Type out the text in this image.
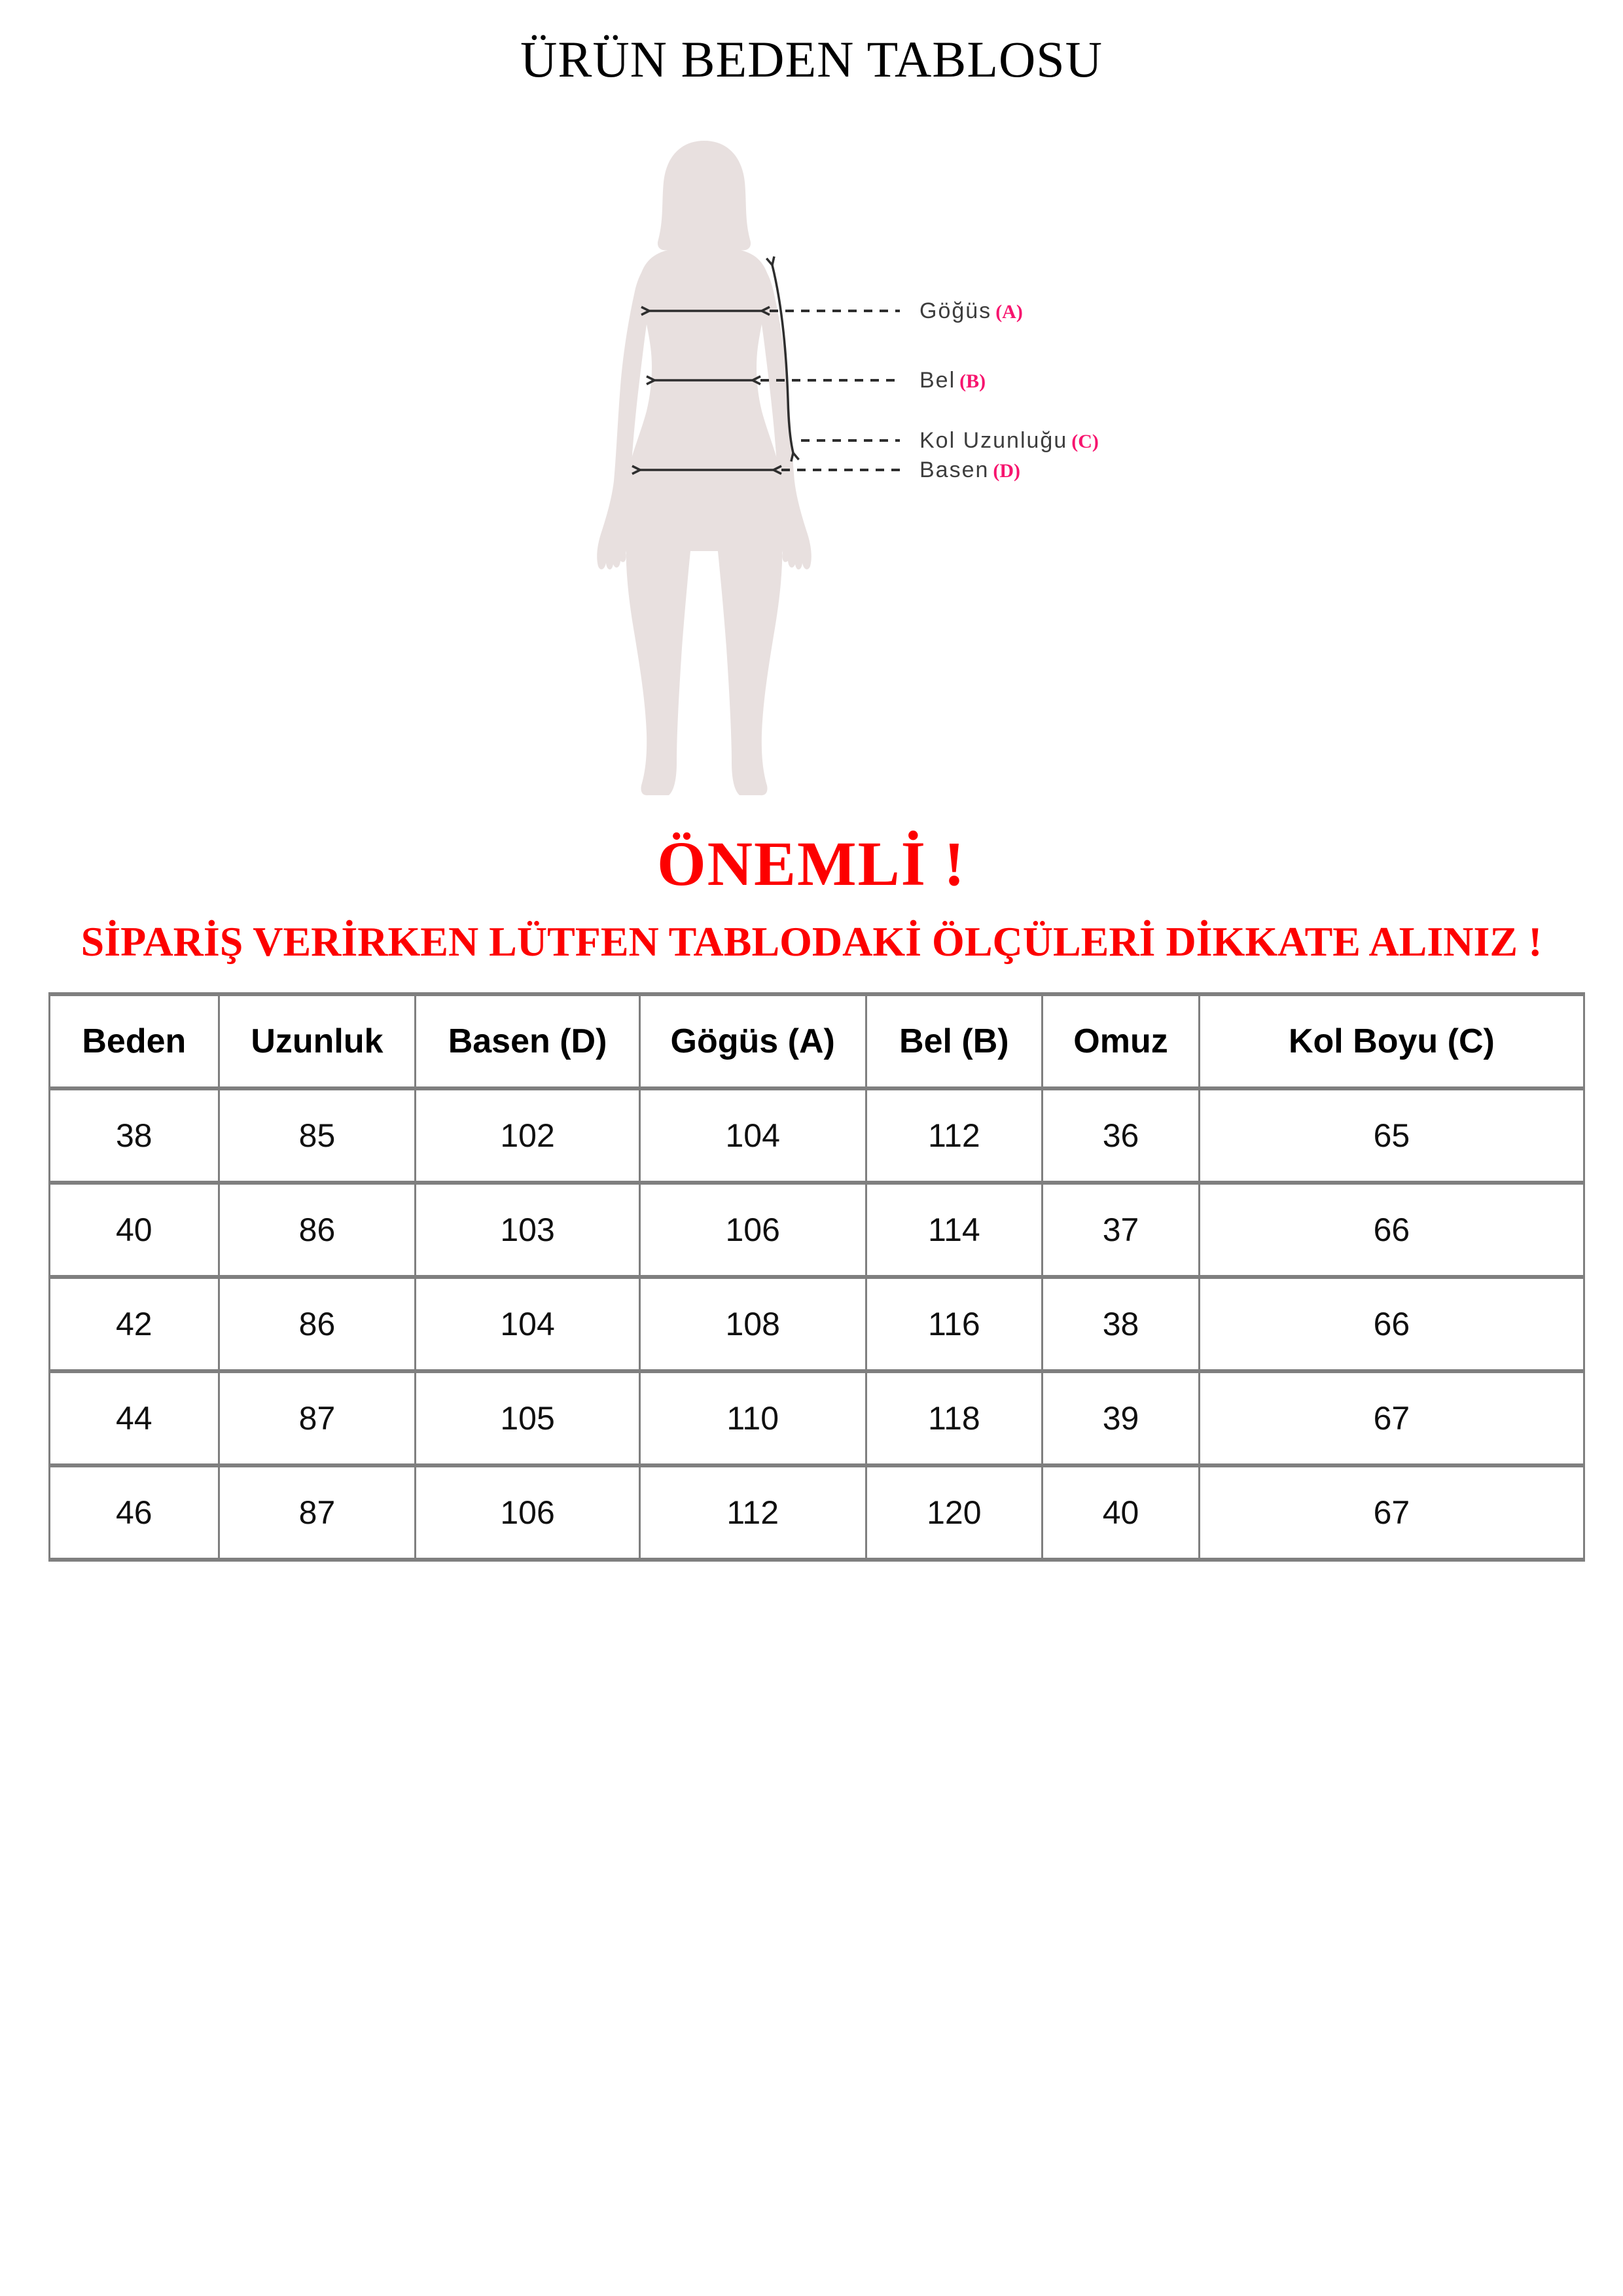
ÜRÜN BEDEN TABLOSU
Göğüs (A)
Bel (B)
Kol Uzunluğu (C)
Basen (D)
ÖNEMLİ !
SİPARİŞ VERİRKEN LÜTFEN TABLODAKİ ÖLÇÜLERİ DİKKATE ALINIZ !
Beden	Uzunluk	Basen (D)	Gögüs (A)	Bel (B)	Omuz	Kol Boyu (C)
38	85	102	104	112	36	65
40	86	103	106	114	37	66
42	86	104	108	116	38	66
44	87	105	110	118	39	67
46	87	106	112	120	40	67
